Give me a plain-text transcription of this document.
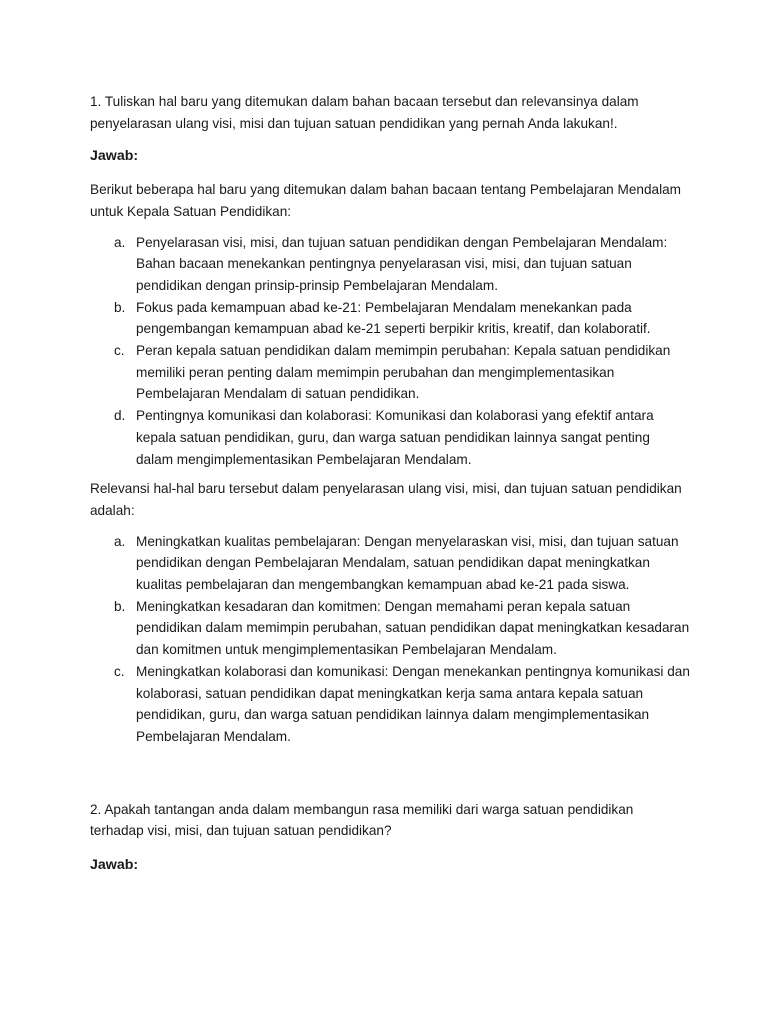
1. Tuliskan hal baru yang ditemukan dalam bahan bacaan tersebut dan relevansinya dalam penyelarasan ulang visi, misi dan tujuan satuan pendidikan yang pernah Anda lakukan!.

Jawab:

Berikut beberapa hal baru yang ditemukan dalam bahan bacaan tentang Pembelajaran Mendalam untuk Kepala Satuan Pendidikan:

a. Penyelarasan visi, misi, dan tujuan satuan pendidikan dengan Pembelajaran Mendalam: Bahan bacaan menekankan pentingnya penyelarasan visi, misi, dan tujuan satuan pendidikan dengan prinsip-prinsip Pembelajaran Mendalam.
b. Fokus pada kemampuan abad ke-21: Pembelajaran Mendalam menekankan pada pengembangan kemampuan abad ke-21 seperti berpikir kritis, kreatif, dan kolaboratif.
c. Peran kepala satuan pendidikan dalam memimpin perubahan: Kepala satuan pendidikan memiliki peran penting dalam memimpin perubahan dan mengimplementasikan Pembelajaran Mendalam di satuan pendidikan.
d. Pentingnya komunikasi dan kolaborasi: Komunikasi dan kolaborasi yang efektif antara kepala satuan pendidikan, guru, dan warga satuan pendidikan lainnya sangat penting dalam mengimplementasikan Pembelajaran Mendalam.

Relevansi hal-hal baru tersebut dalam penyelarasan ulang visi, misi, dan tujuan satuan pendidikan adalah:

a. Meningkatkan kualitas pembelajaran: Dengan menyelaraskan visi, misi, dan tujuan satuan pendidikan dengan Pembelajaran Mendalam, satuan pendidikan dapat meningkatkan kualitas pembelajaran dan mengembangkan kemampuan abad ke-21 pada siswa.
b. Meningkatkan kesadaran dan komitmen: Dengan memahami peran kepala satuan pendidikan dalam memimpin perubahan, satuan pendidikan dapat meningkatkan kesadaran dan komitmen untuk mengimplementasikan Pembelajaran Mendalam.
c. Meningkatkan kolaborasi dan komunikasi: Dengan menekankan pentingnya komunikasi dan kolaborasi, satuan pendidikan dapat meningkatkan kerja sama antara kepala satuan pendidikan, guru, dan warga satuan pendidikan lainnya dalam mengimplementasikan Pembelajaran Mendalam.

2. Apakah tantangan anda dalam membangun rasa memiliki dari warga satuan pendidikan terhadap visi, misi, dan tujuan satuan pendidikan?

Jawab:
